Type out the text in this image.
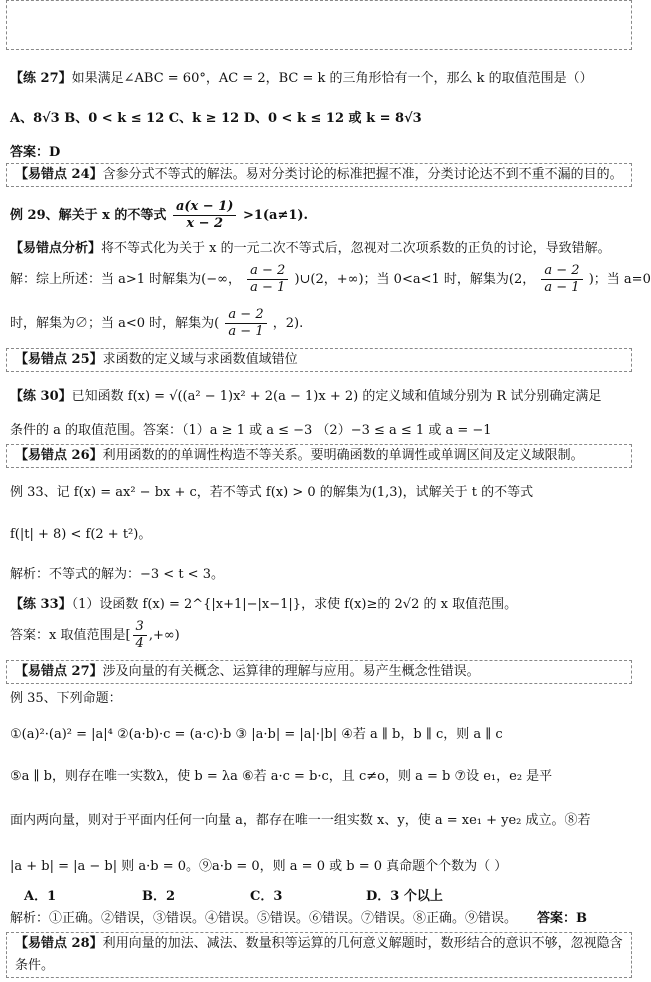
【练 27】如果满足∠ABC = 60°，AC = 2，BC = k 的三角形恰有一个，那么 k 的取值范围是（）
A、8√3 B、0 < k ≤ 12 C、k ≥ 12 D、0 < k ≤ 12 或 k = 8√3
答案：D
【易错点 24】含参分式不等式的解法。易对分类讨论的标准把握不准，分类讨论达不到不重不漏的目的。
例 29、解关于 x 的不等式 $\frac{a(x - 1)}{x - 2} >1(a\ne 1)$.
【易错点分析】将不等式化为关于 x 的一元二次不等式后，忽视对二次项系数的正负的讨论，导致错解。
解：综上所述：当 a>1 时解集为(−∞， $\frac{a - 2}{a - 1}$ )∪(2，+∞)；当 0<a<1 时，解集为(2， $\frac{a - 2}{a - 1}$ )；当 a=0
时，解集为∅；当 a<0 时，解集为( $\frac{a - 2}{a - 1}$ ，2).
【易错点 25】求函数的定义域与求函数值域错位
【练 30】已知函数 f(x) = √((a² − 1)x² + 2(a − 1)x + 2) 的定义域和值域分别为 R 试分别确定满足
条件的 a 的取值范围。答案：（1）a ≥ 1 或 a ≤ −3 （2）−3 ≤ a ≤ 1 或 a = −1
【易错点 26】利用函数的的单调性构造不等关系。要明确函数的单调性或单调区间及定义域限制。
例 33、记 f(x) = ax² − bx + c，若不等式 f(x) > 0 的解集为(1,3)，试解关于 t 的不等式
f(|t| + 8) < f(2 + t²)。
解析：不等式的解为：−3 < t < 3。
【练 33】（1）设函数 f(x) = 2^{|x+1|−|x−1|}，求使 f(x)≥的 2√2 的 x 取值范围。
答案：x 取值范围是[ $\frac{3}{4}$ ,+∞)
【易错点 27】涉及向量的有关概念、运算律的理解与应用。易产生概念性错误。
例 35、下列命题：
①(a)²·(a)² = |a|⁴ ②(a·b)·c = (a·c)·b ③ |a·b| = |a|·|b| ④若 a ∥ b，b ∥ c，则 a ∥ c
⑤a ∥ b，则存在唯一实数λ，使 b = λa ⑥若 a·c = b·c，且 c≠o，则 a = b ⑦设 e₁，e₂ 是平
面内两向量，则对于平面内任何一向量 a，都存在唯一一组实数 x、y，使 a = xe₁ + ye₂ 成立。⑧若
|a + b| = |a − b| 则 a·b = 0。⑨a·b = 0，则 a = 0 或 b = 0 真命题个个数为（ ）
A．1	B．2	C．3	D．3 个以上
解析：①正确。②错误，③错误。④错误。⑤错误。⑥错误。⑦错误。⑧正确。⑨错误。 答案：B
【易错点 28】利用向量的加法、减法、数量积等运算的几何意义解题时，数形结合的意识不够，忽视隐含
条件。
